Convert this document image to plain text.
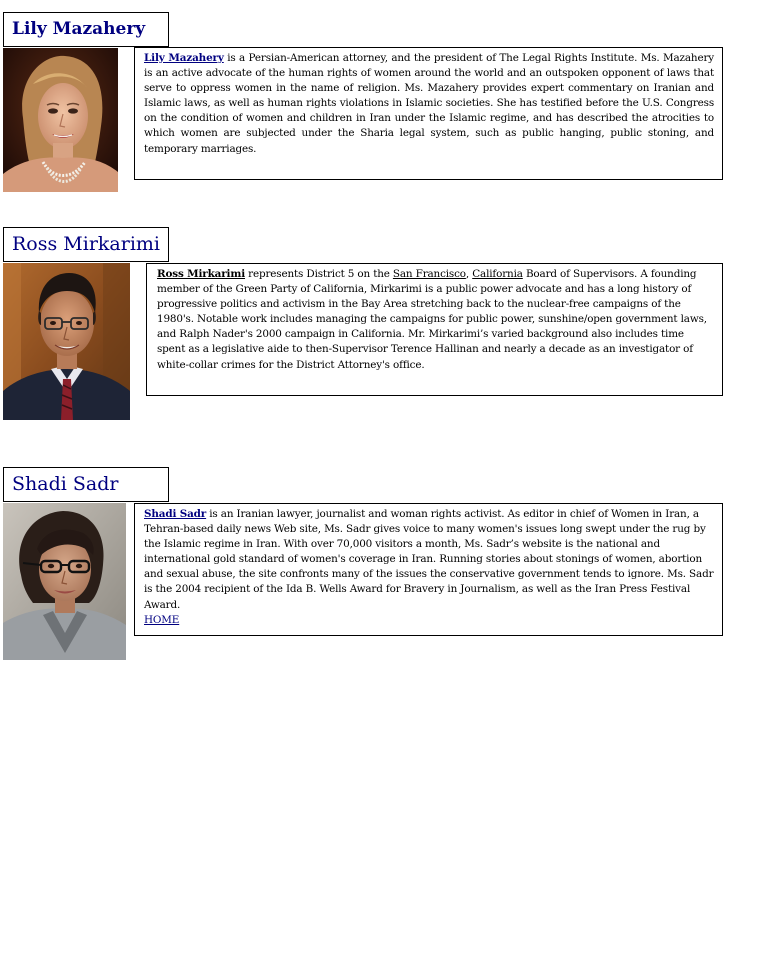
Lily Mazahery
Lily Mazahery is a Persian-American attorney, and the president of The Legal Rights Institute. Ms. Mazahery is an active advocate of the human rights of women around the world and an outspoken opponent of laws that serve to oppress women in the name of religion. Ms. Mazahery provides expert commentary on Iranian and Islamic laws, as well as human rights violations in Islamic societies. She has testified before the U.S. Congress on the condition of women and children in Iran under the Islamic regime, and has described the atrocities to which women are subjected under the Sharia legal system, such as public hanging, public stoning, and temporary marriages.
Ross Mirkarimi
Ross Mirkarimi represents District 5 on the San Francisco, California Board of Supervisors. A founding member of the Green Party of California, Mirkarimi is a public power advocate and has a long history of progressive politics and activism in the Bay Area stretching back to the nuclear-free campaigns of the 1980's. Notable work includes managing the campaigns for public power, sunshine/open government laws, and Ralph Nader's 2000 campaign in California. Mr. Mirkarimi’s varied background also includes time spent as a legislative aide to then-Supervisor Terence Hallinan and nearly a decade as an investigator of white-collar crimes for the District Attorney's office.
Shadi Sadr
Shadi Sadr is an Iranian lawyer, journalist and woman rights activist. As editor in chief of Women in Iran, a Tehran-based daily news Web site, Ms. Sadr gives voice to many women's issues long swept under the rug by the Islamic regime in Iran. With over 70,000 visitors a month, Ms. Sadr’s website is the national and international gold standard of women's coverage in Iran. Running stories about stonings of women, abortion and sexual abuse, the site confronts many of the issues the conservative government tends to ignore. Ms. Sadr is the 2004 recipient of the Ida B. Wells Award for Bravery in Journalism, as well as the Iran Press Festival Award.
HOME
